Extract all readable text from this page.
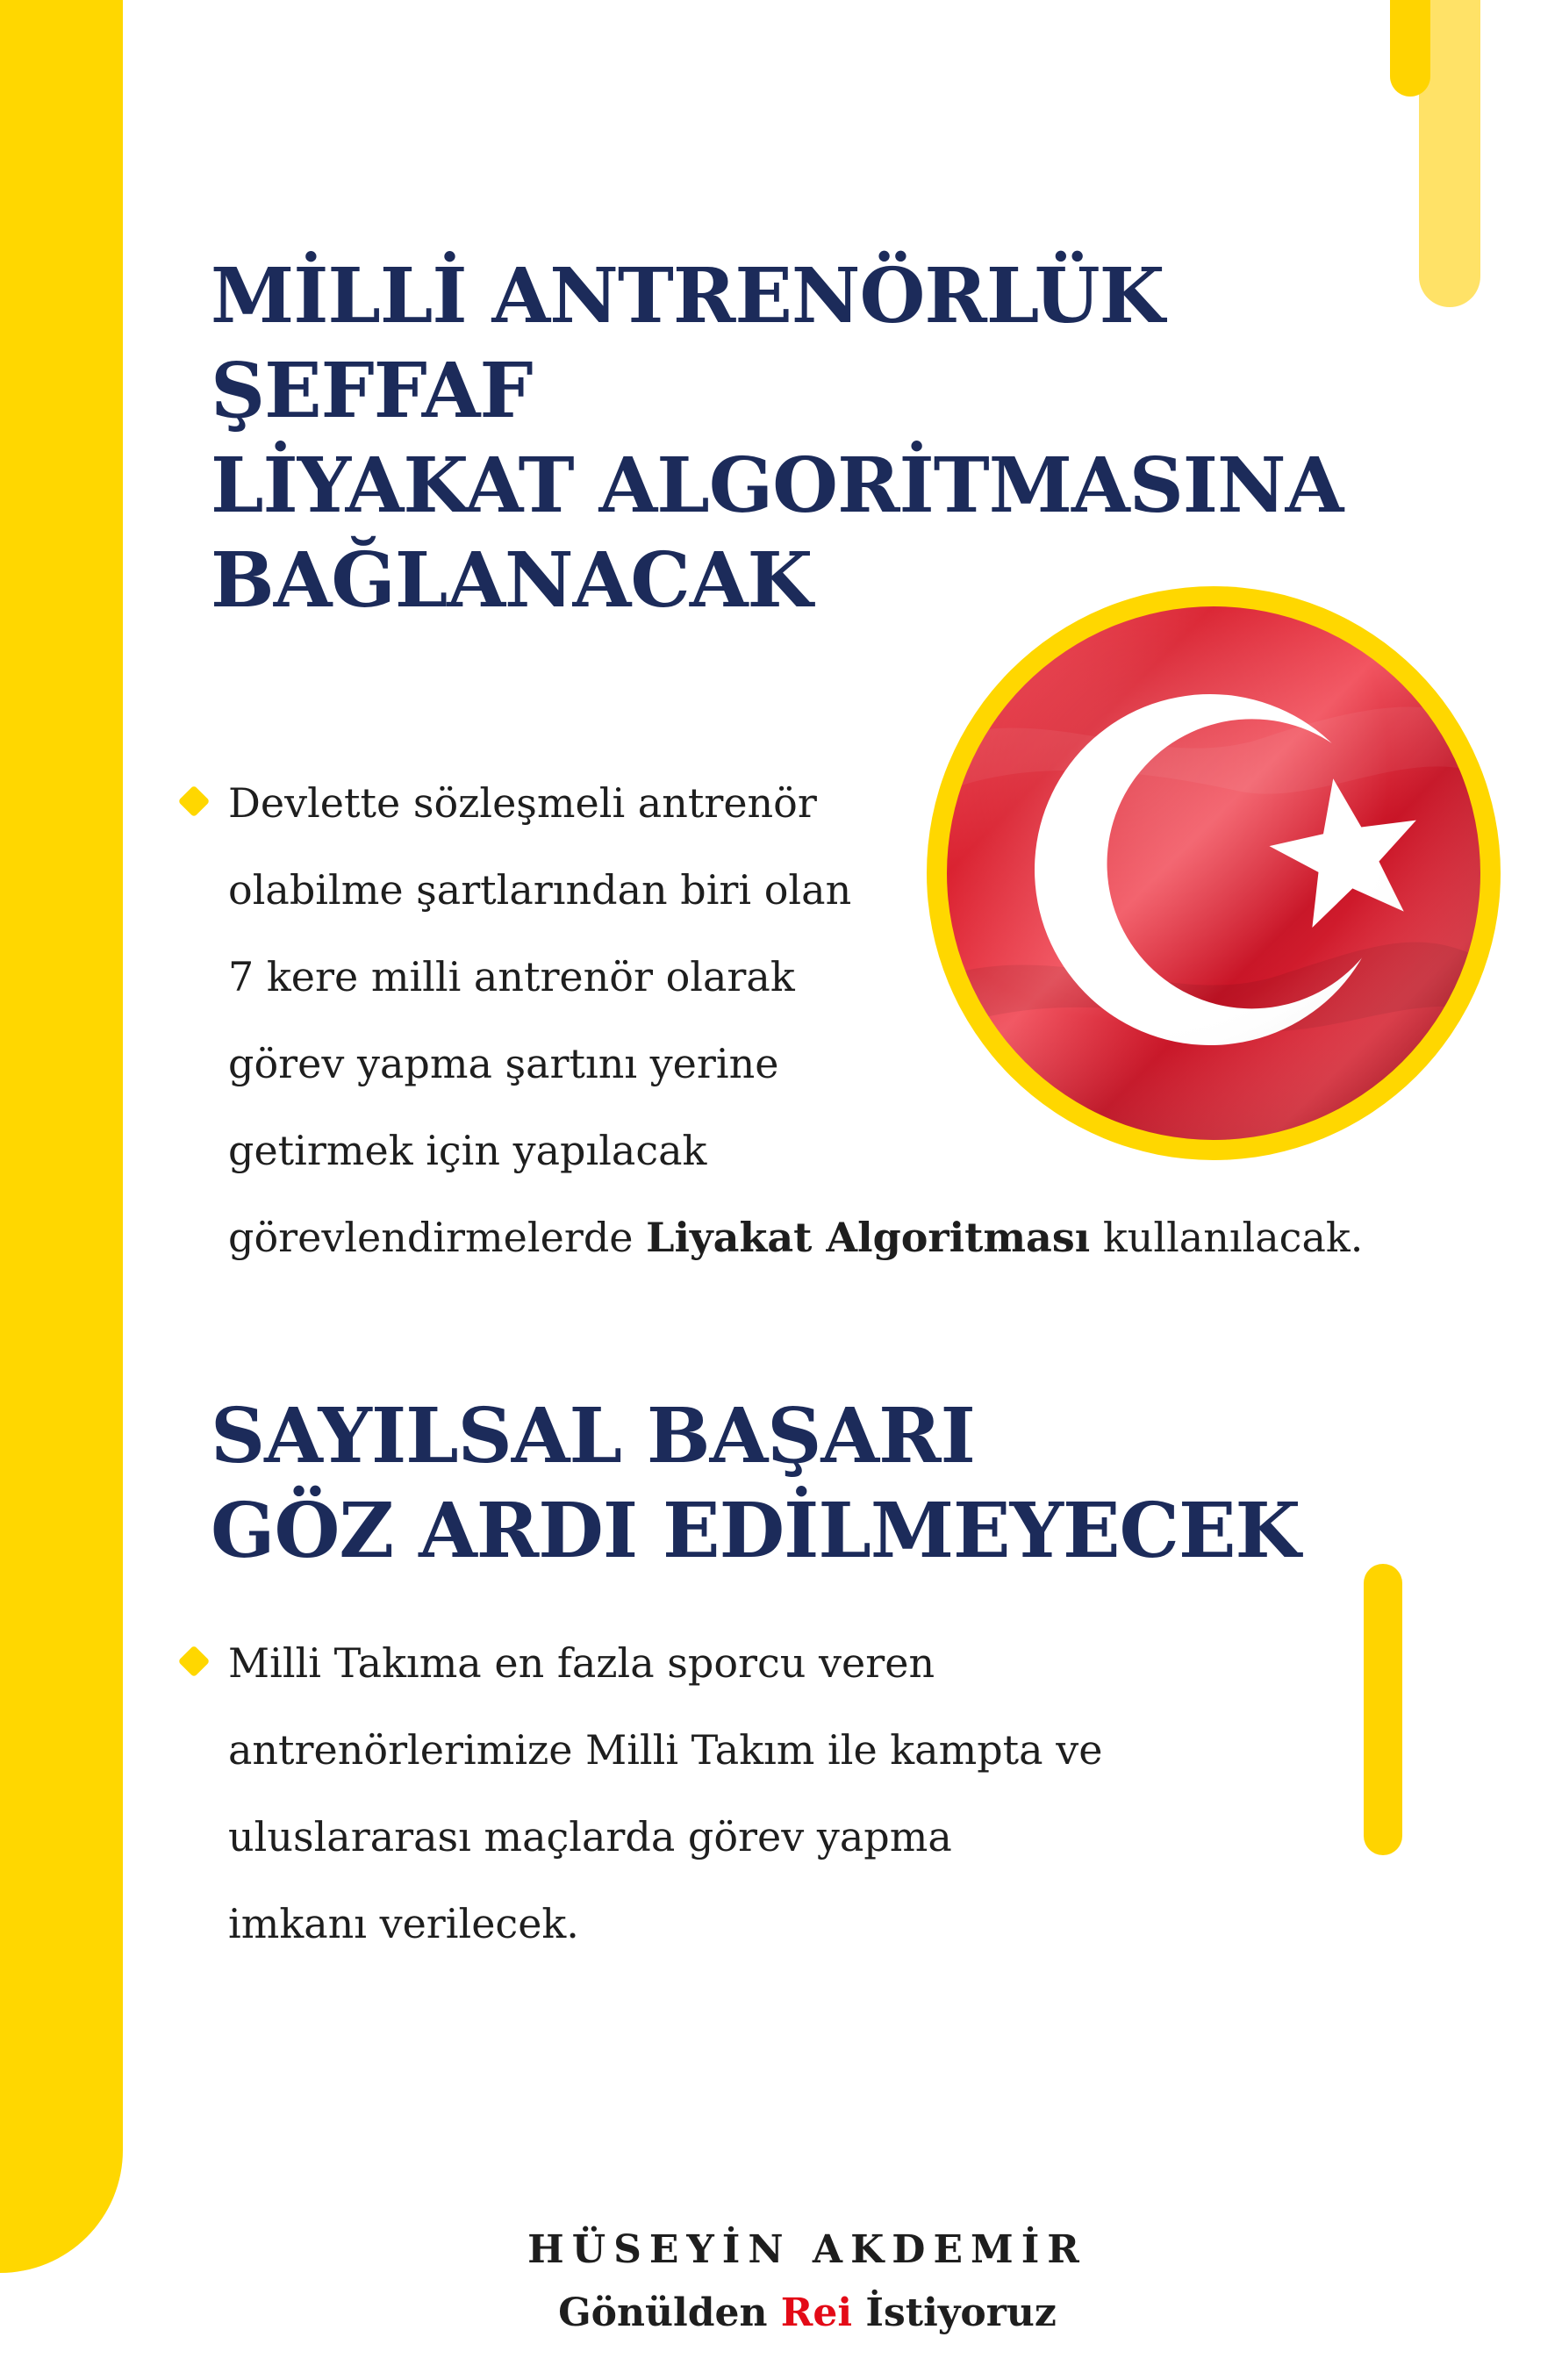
MİLLİ ANTRENÖRLÜK
ŞEFFAF
LİYAKAT ALGORİTMASINA
BAĞLANACAK

Devlette sözleşmeli antrenör
olabilme şartlarından biri olan
7 kere milli antrenör olarak
görev yapma şartını yerine
getirmek için yapılacak
görevlendirmelerde Liyakat Algoritması kullanılacak.

SAYILSAL BAŞARI
GÖZ ARDI EDİLMEYECEK

Milli Takıma en fazla sporcu veren
antrenörlerimize Milli Takım ile kampta ve
uluslararası maçlarda görev yapma
imkanı verilecek.

HÜSEYİN AKDEMİR

Gönülden Rei İstiyoruz
